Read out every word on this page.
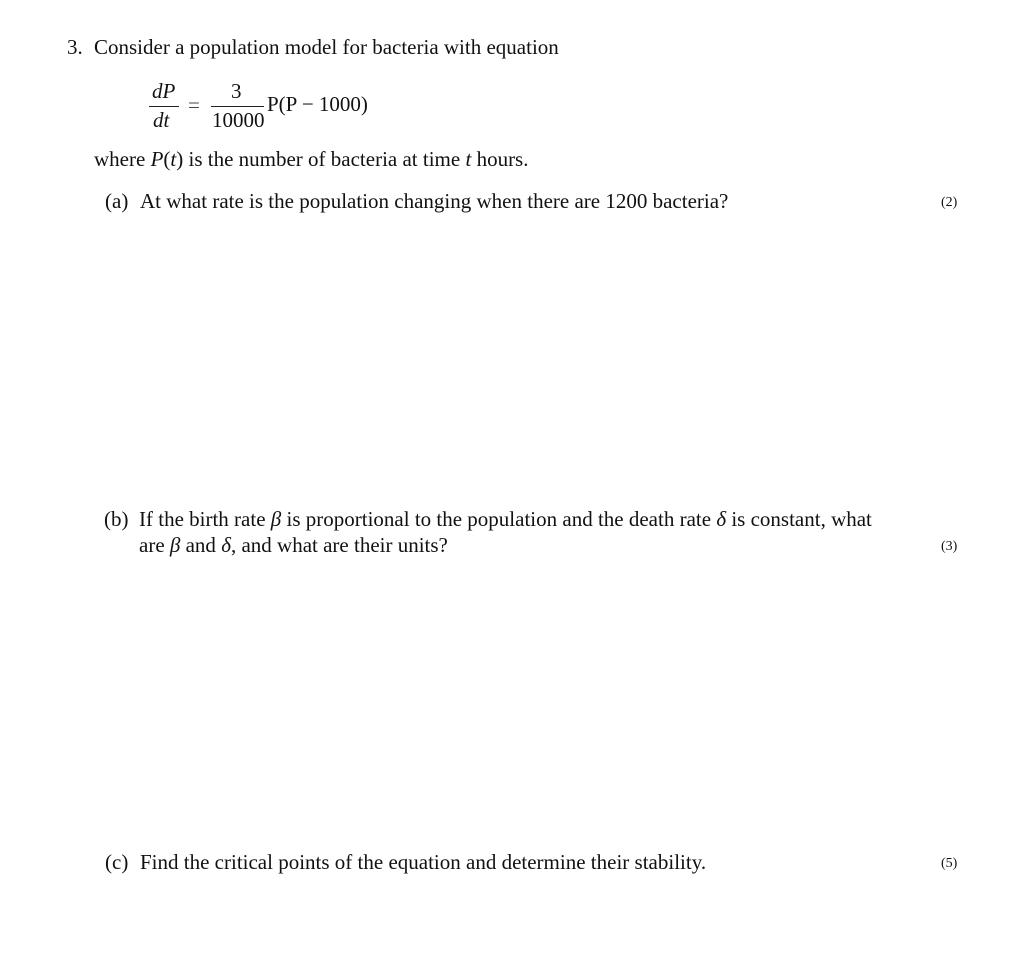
3. Consider a population model for bacteria with equation
dP
dt
=
3
10000
P(P − 1000)
where P(t) is the number of bacteria at time t hours.
(a) At what rate is the population changing when there are 1200 bacteria?	(2)
(b) If the birth rate β is proportional to the population and the death rate δ is constant, what
are β and δ, and what are their units?	(3)
(c) Find the critical points of the equation and determine their stability.	(5)
